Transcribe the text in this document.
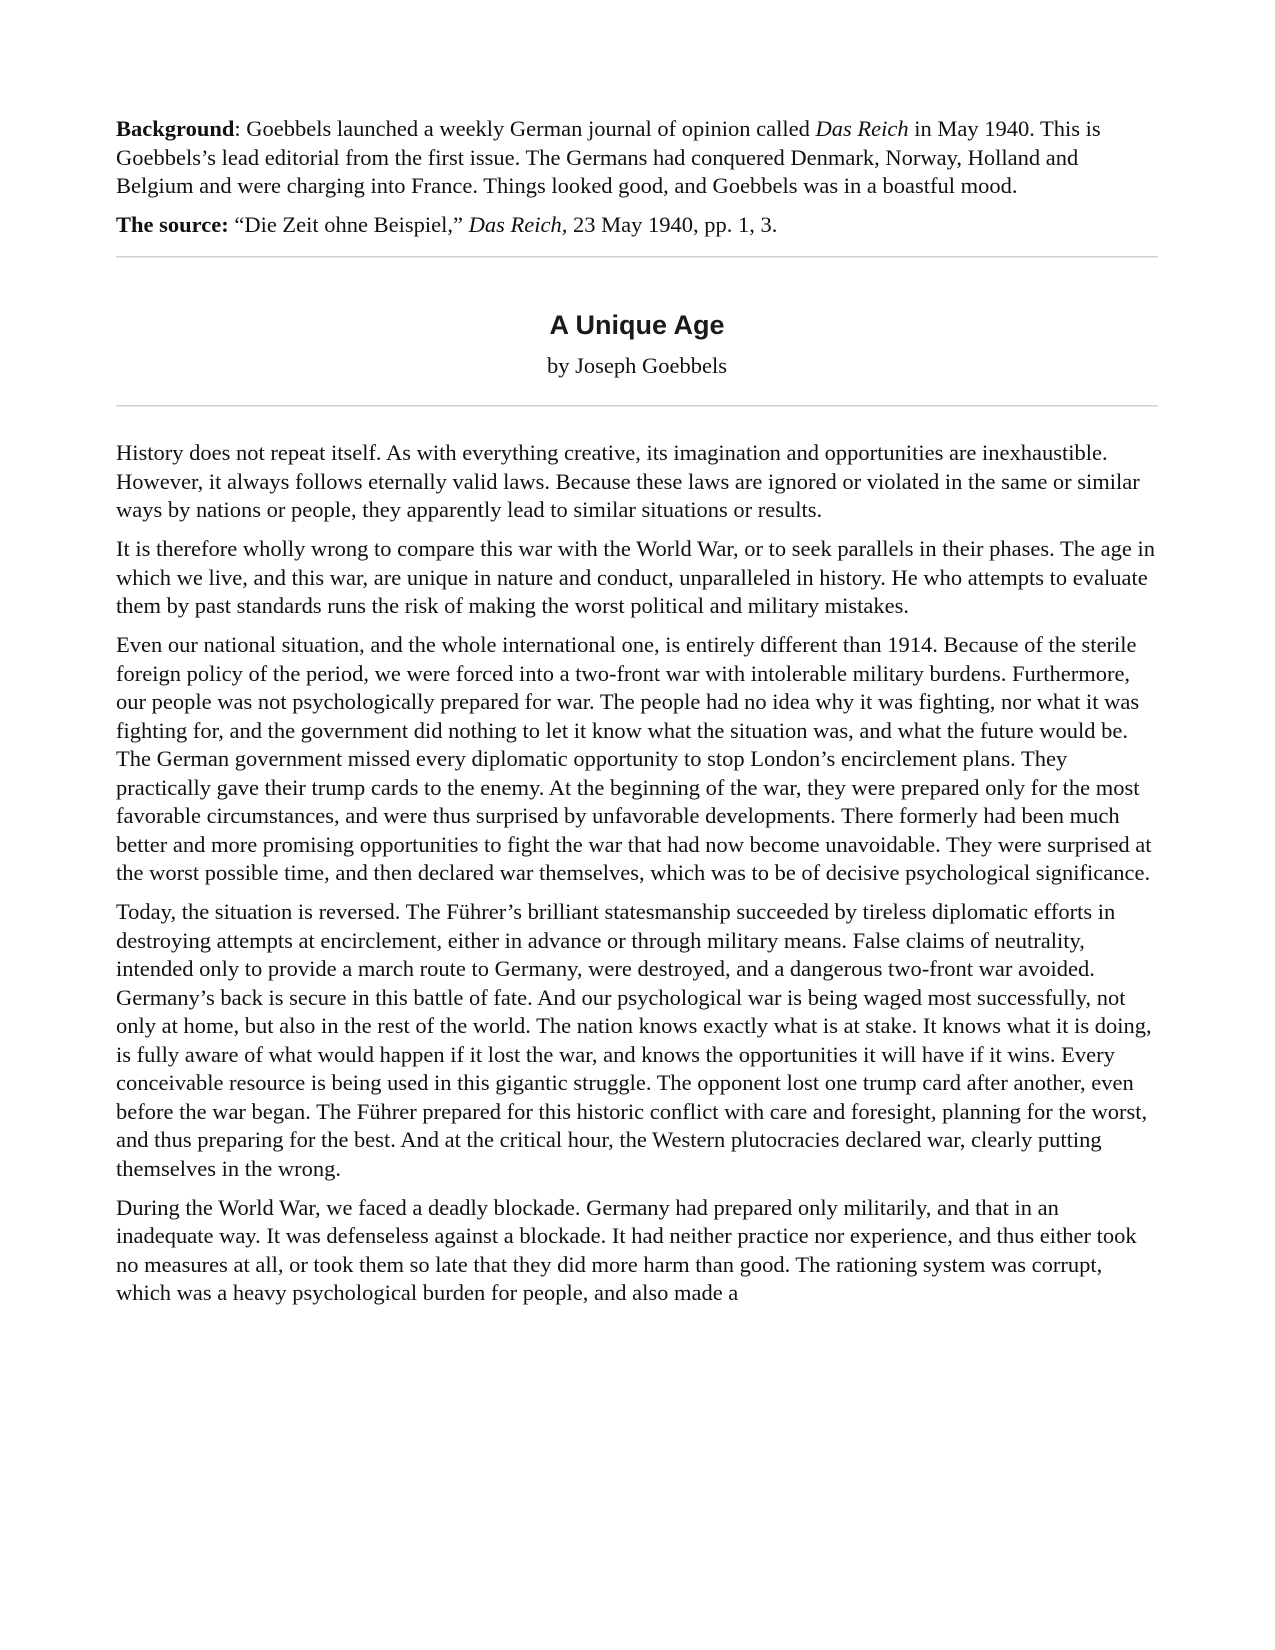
Background: Goebbels launched a weekly German journal of opinion called Das Reich in May 1940. This is Goebbels’s lead editorial from the first issue. The Germans had conquered Denmark, Norway, Holland and Belgium and were charging into France. Things looked good, and Goebbels was in a boastful mood.

The source: “Die Zeit ohne Beispiel,” Das Reich, 23 May 1940, pp. 1, 3.

A Unique Age

by Joseph Goebbels

History does not repeat itself. As with everything creative, its imagination and opportunities are inexhaustible. However, it always follows eternally valid laws. Because these laws are ignored or violated in the same or similar ways by nations or people, they apparently lead to similar situations or results.

It is therefore wholly wrong to compare this war with the World War, or to seek parallels in their phases. The age in which we live, and this war, are unique in nature and conduct, unparalleled in history. He who attempts to evaluate them by past standards runs the risk of making the worst political and military mistakes.

Even our national situation, and the whole international one, is entirely different than 1914. Because of the sterile foreign policy of the period, we were forced into a two-front war with intolerable military burdens. Furthermore, our people was not psychologically prepared for war. The people had no idea why it was fighting, nor what it was fighting for, and the government did nothing to let it know what the situation was, and what the future would be. The German government missed every diplomatic opportunity to stop London’s encirclement plans. They practically gave their trump cards to the enemy. At the beginning of the war, they were prepared only for the most favorable circumstances, and were thus surprised by unfavorable developments. There formerly had been much better and more promising opportunities to fight the war that had now become unavoidable. They were surprised at the worst possible time, and then declared war themselves, which was to be of decisive psychological significance.

Today, the situation is reversed. The Führer’s brilliant statesmanship succeeded by tireless diplomatic efforts in destroying attempts at encirclement, either in advance or through military means. False claims of neutrality, intended only to provide a march route to Germany, were destroyed, and a dangerous two-front war avoided. Germany’s back is secure in this battle of fate. And our psychological war is being waged most successfully, not only at home, but also in the rest of the world. The nation knows exactly what is at stake. It knows what it is doing, is fully aware of what would happen if it lost the war, and knows the opportunities it will have if it wins. Every conceivable resource is being used in this gigantic struggle. The opponent lost one trump card after another, even before the war began. The Führer prepared for this historic conflict with care and foresight, planning for the worst, and thus preparing for the best. And at the critical hour, the Western plutocracies declared war, clearly putting themselves in the wrong.

During the World War, we faced a deadly blockade. Germany had prepared only militarily, and that in an inadequate way. It was defenseless against a blockade. It had neither practice nor experience, and thus either took no measures at all, or took them so late that they did more harm than good. The rationing system was corrupt, which was a heavy psychological burden for people, and also made a
